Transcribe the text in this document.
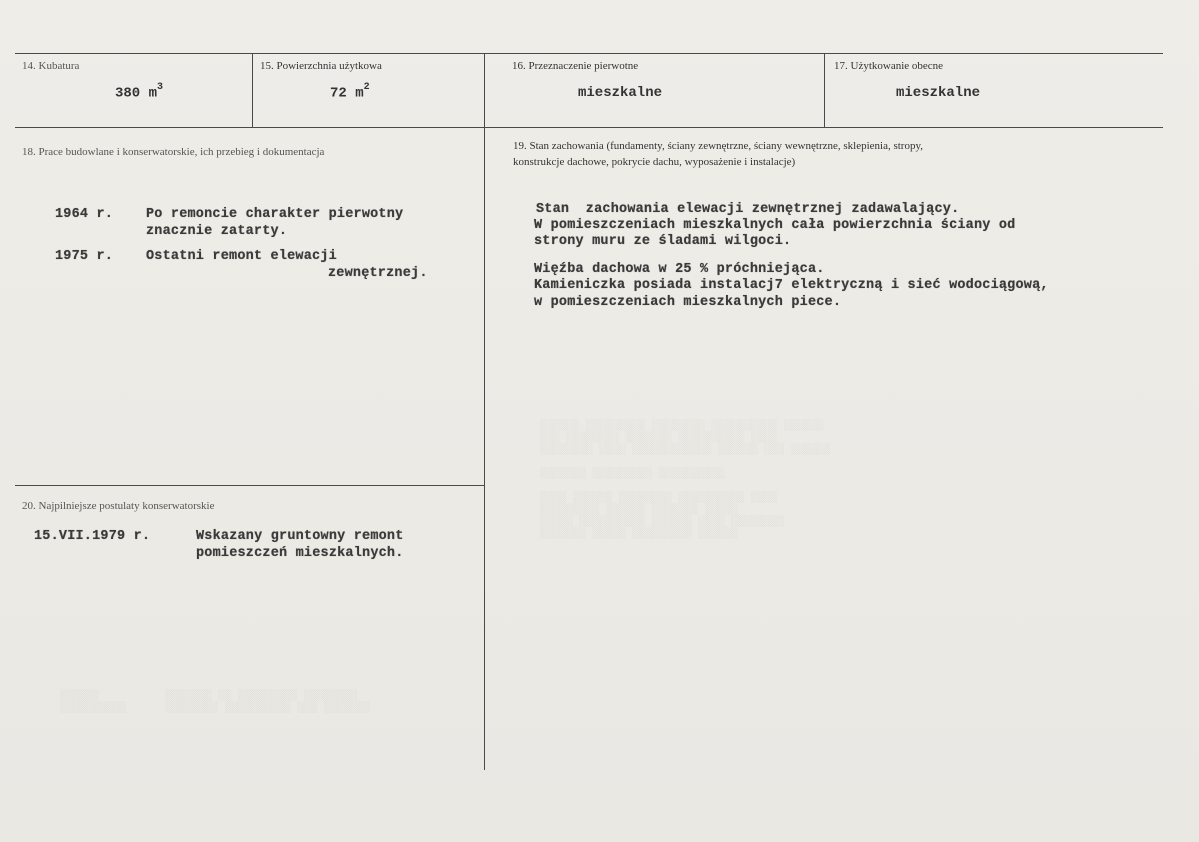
14. Kubatura
380 $m^3$
15. Powierzchnia użytkowa
72 $m^2$
16. Przeznaczenie pierwotne
mieszkalne
17. Użytkowanie obecne
mieszkalne
18. Prace budowlane i konserwatorskie, ich przebieg i dokumentacja
1964 r. Po remoncie charakter pierwotny
znacznie zatarty.
1975 r. Ostatni remont elewacji
zewnętrznej.
19. Stan zachowania (fundamenty, ściany zewnętrzne, ściany wewnętrzne, sklepienia, stropy,
konstrukcje dachowe, pokrycie dachu, wyposażenie i instalacje)
Stan  zachowania elewacji zewnętrznej zadawalający.
W pomieszczeniach mieszkalnych cała powierzchnia ściany od
strony muru ze śladami wilgoci.
Więźba dachowa w 25 % próchniejąca.
Kamieniczka posiada instalacj7 elektryczną i sieć wodociągową,
w pomieszczeniach mieszkalnych piece.
20. Najpilniejsze postulaty konserwatorskie
15.VII.1979 r.	Wskazany gruntowny remont
pomieszczeń mieszkalnych.
░░░░░░ ░░░░░░░░░ ░░░░░░░░ ░░░░░░░░░░ ░░░░░░
░░░ ░░░░░░░░ ░░░░░░░ ░░░░░░░░░░ ░░░░
░░░░░░░░ ░░░░ ░░░░░░░░░░░░ ░░░░░░ ░░░ ░░░░░░

░░░░░░░ ░░░░░░░░░ ░░░░░░░░░░

░░░░ ░░░░░░ ░░░░░░░░ ░░░░░░░░░░ ░░░░
░░░░░░░░░ ░░░░░░ ░░░░░░░ ░░░░░
░░░░░ ░░░░░░░░░░ ░░░░░░ ░░░░ ░░░░░░░░
░░░░░░░ ░░░░░ ░░░░░░░░░ ░░░░░░
░░░░░░          ░░░░░░░ ░░ ░░░░░░░░░ ░░░░░░░░
░░░░░░░░░░      ░░░░░░░░ ░░░░░░░░░░ ░░░ ░░░░░░░
